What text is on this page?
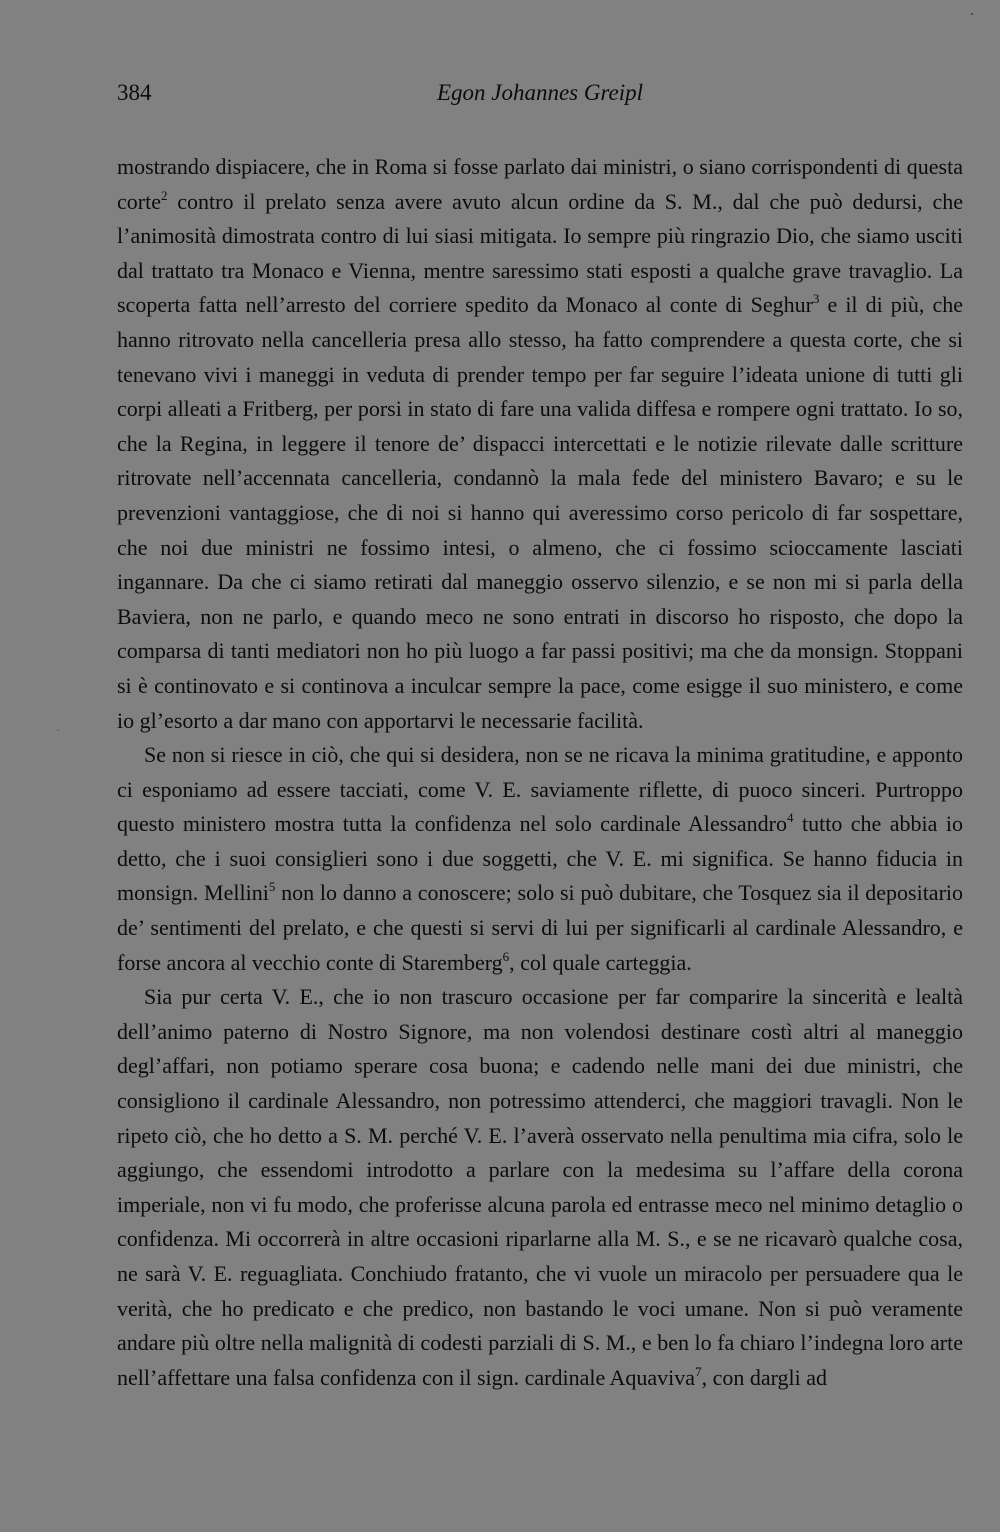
384	Egon Johannes Greipl

mostrando dispiacere, che in Roma si fosse parlato dai ministri, o siano corrispondenti di questa corte$^2$ contro il prelato senza avere avuto alcun ordine da S. M., dal che può dedursi, che l’animosità dimostrata contro di lui siasi mitigata. Io sempre più ringrazio Dio, che siamo usciti dal trattato tra Monaco e Vienna, mentre saressimo stati esposti a qualche grave travaglio. La scoperta fatta nell’arresto del corriere spedito da Monaco al conte di Seghur$^3$ e il di più, che hanno ritrovato nella cancelleria presa allo stesso, ha fatto comprendere a questa corte, che si tenevano vivi i maneggi in veduta di prender tempo per far seguire l’ideata unione di tutti gli corpi alleati a Fritberg, per porsi in stato di fare una valida diffesa e rompere ogni trattato. Io so, che la Regina, in leggere il tenore de’ dispacci intercettati e le notizie rilevate dalle scritture ritrovate nell’accennata cancelleria, condannò la mala fede del ministero Bavaro; e su le prevenzioni vantaggiose, che di noi si hanno qui averessimo corso pericolo di far sospettare, che noi due ministri ne fossimo intesi, o almeno, che ci fossimo scioccamente lasciati ingannare. Da che ci siamo retirati dal maneggio osservo silenzio, e se non mi si parla della Baviera, non ne parlo, e quando meco ne sono entrati in discorso ho risposto, che dopo la comparsa di tanti mediatori non ho più luogo a far passi positivi; ma che da monsign. Stoppani si è continovato e si continova a inculcar sempre la pace, come esigge il suo ministero, e come io gl’esorto a dar mano con apportarvi le necessarie facilità.

Se non si riesce in ciò, che qui si desidera, non se ne ricava la minima gratitudine, e apponto ci esponiamo ad essere tacciati, come V. E. saviamente riflette, di puoco sinceri. Purtroppo questo ministero mostra tutta la confidenza nel solo cardinale Alessandro$^4$ tutto che abbia io detto, che i suoi consiglieri sono i due soggetti, che V. E. mi significa. Se hanno fiducia in monsign. Mellini$^5$ non lo danno a conoscere; solo si può dubitare, che Tosquez sia il depositario de’ sentimenti del prelato, e che questi si servi di lui per significarli al cardinale Alessandro, e forse ancora al vecchio conte di Staremberg$^6$, col quale carteggia.

Sia pur certa V. E., che io non trascuro occasione per far comparire la sincerità e lealtà dell’animo paterno di Nostro Signore, ma non volendosi destinare costì altri al maneggio degl’affari, non potiamo sperare cosa buona; e cadendo nelle mani dei due ministri, che consigliono il cardinale Alessandro, non potressimo attenderci, che maggiori travagli. Non le ripeto ciò, che ho detto a S. M. perché V. E. l’averà osservato nella penultima mia cifra, solo le aggiungo, che essendomi introdotto a parlare con la medesima su l’affare della corona imperiale, non vi fu modo, che proferisse alcuna parola ed entrasse meco nel minimo detaglio o confidenza. Mi occorrerà in altre occasioni riparlarne alla M. S., e se ne ricavarò qualche cosa, ne sarà V. E. reguagliata. Conchiudo fratanto, che vi vuole un miracolo per persuadere qua le verità, che ho predicato e che predico, non bastando le voci umane. Non si può veramente andare più oltre nella malignità di codesti parziali di S. M., e ben lo fa chiaro l’indegna loro arte nell’affettare una falsa confidenza con il sign. cardinale Aquaviva$^7$, con dargli ad
